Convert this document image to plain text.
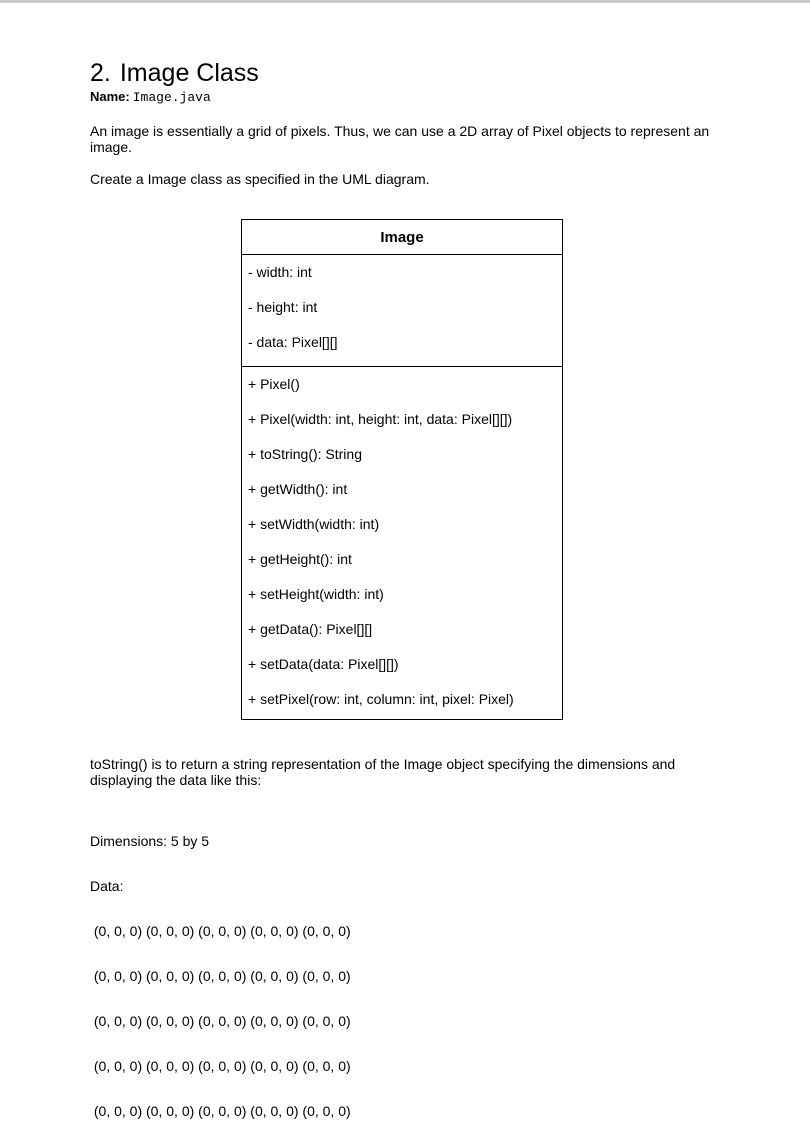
2. Image Class
Name: Image.java
An image is essentially a grid of pixels. Thus, we can use a 2D array of Pixel objects to represent an image.
Create a Image class as specified in the UML diagram.
Image
- width: int
- height: int
- data: Pixel[][]
+ Pixel()
+ Pixel(width: int, height: int, data: Pixel[][])
+ toString(): String
+ getWidth(): int
+ setWidth(width: int)
+ getHeight(): int
+ setHeight(width: int)
+ getData(): Pixel[][]
+ setData(data: Pixel[][])
+ setPixel(row: int, column: int, pixel: Pixel)
toString() is to return a string representation of the Image object specifying the dimensions and displaying the data like this:

Dimensions: 5 by 5

Data:

(0, 0, 0) (0, 0, 0) (0, 0, 0) (0, 0, 0) (0, 0, 0)

(0, 0, 0) (0, 0, 0) (0, 0, 0) (0, 0, 0) (0, 0, 0)

(0, 0, 0) (0, 0, 0) (0, 0, 0) (0, 0, 0) (0, 0, 0)

(0, 0, 0) (0, 0, 0) (0, 0, 0) (0, 0, 0) (0, 0, 0)

(0, 0, 0) (0, 0, 0) (0, 0, 0) (0, 0, 0) (0, 0, 0)
